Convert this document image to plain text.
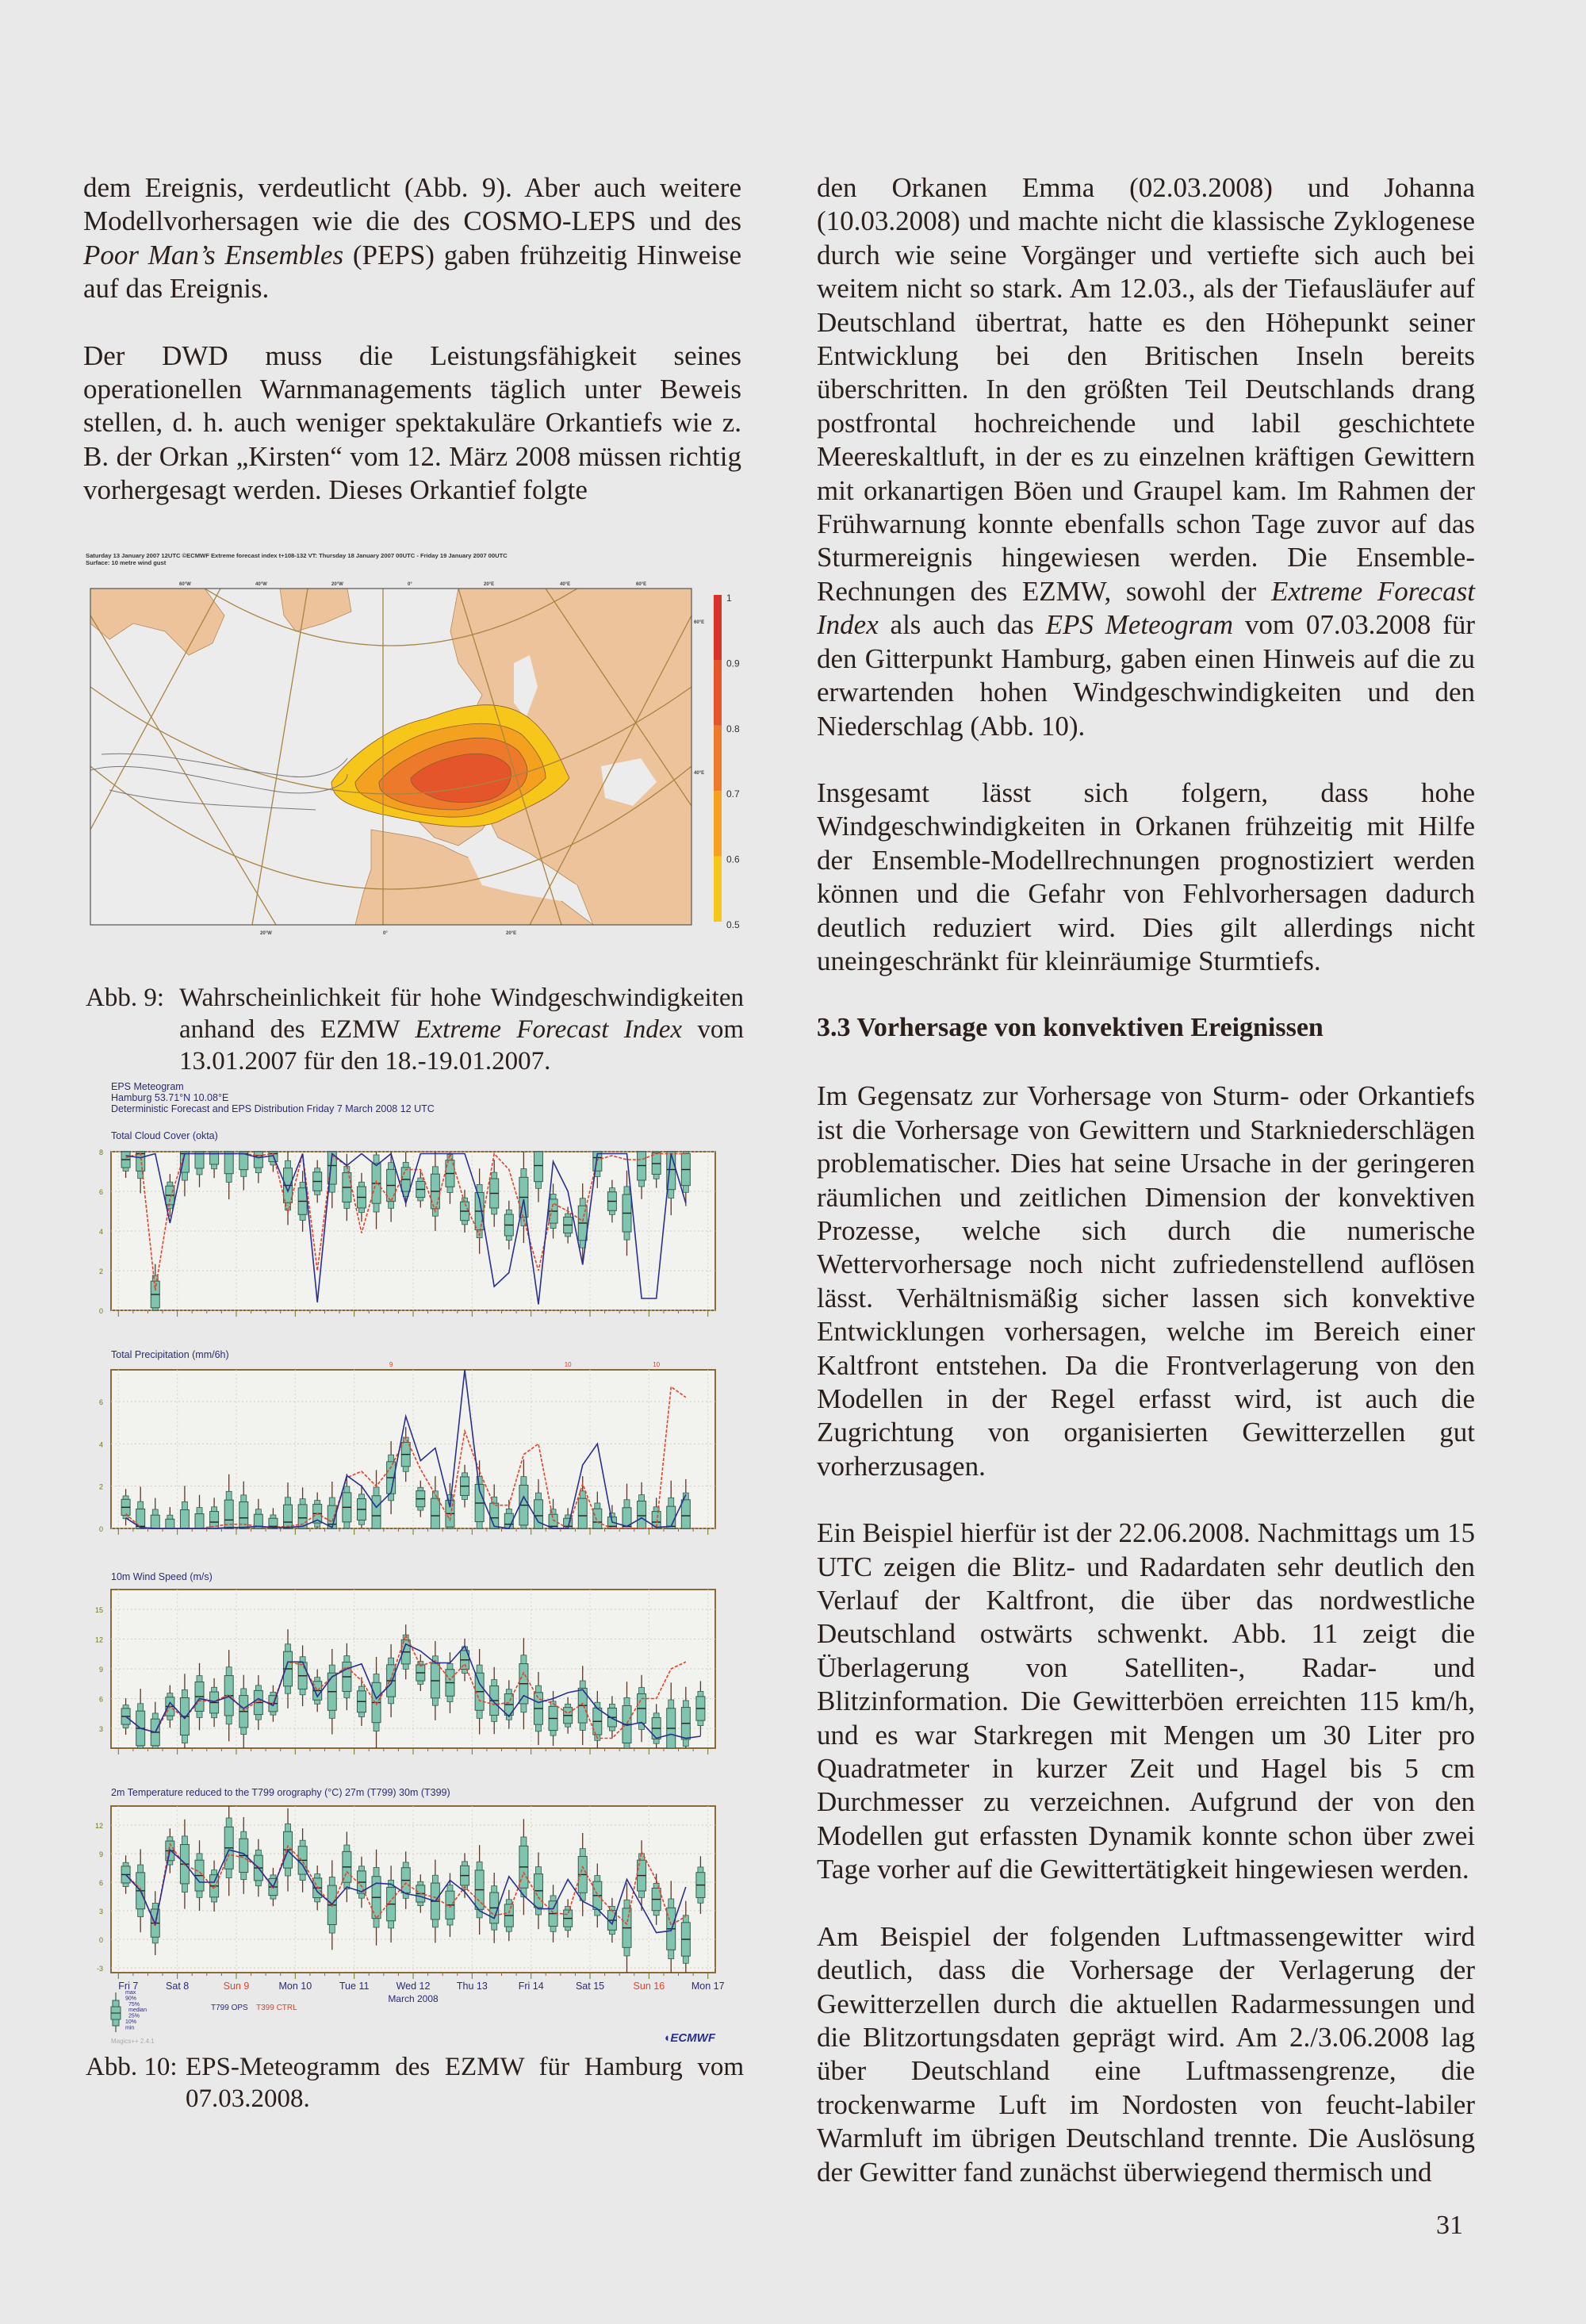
dem Ereignis, verdeutlicht (Abb. 9). Aber auch weitere Modellvorhersagen wie die des COSMO-LEPS und des Poor Man’s Ensembles (PEPS) gaben frühzeitig Hinweise auf das Ereignis.

Der DWD muss die Leistungsfähigkeit seines operationellen Warnmanagements täglich unter Beweis stellen, d. h. auch weniger spektakuläre Orkantiefs wie z. B. der Orkan „Kirsten“ vom 12. März 2008 müssen richtig vorhergesagt werden. Dieses Orkantief folgte

Saturday 13 January 2007 12UTC ©ECMWF Extreme forecast index t+108-132 VT: Thursday 18 January 2007 00UTC - Friday 19 January 2007 00UTC
Surface: 10 metre wind gust
60°W	40°W	20°W	0°	20°E	40°E	60°E
20°W	0°	20°E
60°E
40°E
1
0.9
0.8
0.7
0.6
0.5
Abb. 9: Wahrscheinlichkeit für hohe Windgeschwindigkeiten anhand des EZMW Extreme Forecast Index vom 13.01.2007 für den 18.-19.01.2007.
EPS Meteogram
Hamburg 53.71°N 10.08°E
Deterministic Forecast and EPS Distribution Friday 7 March 2008 12 UTC
Total Cloud Cover (okta)
0
2
4
6
8
Total Precipitation (mm/6h)
0
2
4
6
9	10	10
10m Wind Speed (m/s)
3
6
9
12
15
2m Temperature reduced to the T799 orography (°C) 27m (T799) 30m (T399)
-3
0
3
6
9
12
Fri 7	Sat 8	Sun 9	Mon 10	Tue 11	Wed 12	Thu 13	Fri 14	Sat 15	Sun 16	Mon 17
March 2008
max
90%
75%
median
25%
10%
min
T799 OPS T399 CTRL
Magics++ 2.4.1	◖ECMWF
Abb. 10: EPS-Meteogramm des EZMW für Hamburg vom 07.03.2008.

den Orkanen Emma (02.03.2008) und Johanna (10.03.2008) und machte nicht die klassische Zyklogenese durch wie seine Vorgänger und vertiefte sich auch bei weitem nicht so stark. Am 12.03., als der Tiefausläufer auf Deutschland übertrat, hatte es den Höhepunkt seiner Entwicklung bei den Britischen Inseln bereits überschritten. In den größten Teil Deutschlands drang postfrontal hochreichende und labil geschichtete Meereskaltluft, in der es zu einzelnen kräftigen Gewittern mit orkanartigen Böen und Graupel kam. Im Rahmen der Frühwarnung konnte ebenfalls schon Tage zuvor auf das Sturmereignis hingewiesen werden. Die Ensemble-Rechnungen des EZMW, sowohl der Extreme Forecast Index als auch das EPS Meteogram vom 07.03.2008 für den Gitterpunkt Hamburg, gaben einen Hinweis auf die zu erwartenden hohen Windgeschwindigkeiten und den Niederschlag (Abb. 10).

Insgesamt lässt sich folgern, dass hohe Windgeschwindigkeiten in Orkanen frühzeitig mit Hilfe der Ensemble-Modellrechnungen prognostiziert werden können und die Gefahr von Fehlvorhersagen dadurch deutlich reduziert wird. Dies gilt allerdings nicht uneingeschränkt für kleinräumige Sturmtiefs.

3.3 Vorhersage von konvektiven Ereignissen

Im Gegensatz zur Vorhersage von Sturm- oder Orkantiefs ist die Vorhersage von Gewittern und Starkniederschlägen problematischer. Dies hat seine Ursache in der geringeren räumlichen und zeitlichen Dimension der konvektiven Prozesse, welche sich durch die numerische Wettervorhersage noch nicht zufriedenstellend auflösen lässt. Verhältnismäßig sicher lassen sich konvektive Entwicklungen vorhersagen, welche im Bereich einer Kaltfront entstehen. Da die Frontverlagerung von den Modellen in der Regel erfasst wird, ist auch die Zugrichtung von organisierten Gewitterzellen gut vorherzusagen.

Ein Beispiel hierfür ist der 22.06.2008. Nachmittags um 15 UTC zeigen die Blitz- und Radardaten sehr deutlich den Verlauf der Kaltfront, die über das nordwestliche Deutschland ostwärts schwenkt. Abb. 11 zeigt die Überlagerung von Satelliten-, Radar- und Blitzinformation. Die Gewitterböen erreichten 115 km/h, und es war Starkregen mit Mengen um 30 Liter pro Quadratmeter in kurzer Zeit und Hagel bis 5 cm Durchmesser zu verzeichnen. Aufgrund der von den Modellen gut erfassten Dynamik konnte schon über zwei Tage vorher auf die Gewittertätigkeit hingewiesen werden.

Am Beispiel der folgenden Luftmassengewitter wird deutlich, dass die Vorhersage der Verlagerung der Gewitterzellen durch die aktuellen Radarmessungen und die Blitzortungsdaten geprägt wird. Am 2./3.06.2008 lag über Deutschland eine Luftmassengrenze, die trockenwarme Luft im Nordosten von feucht-labiler Warmluft im übrigen Deutschland trennte. Die Auslösung der Gewitter fand zunächst überwiegend thermisch und

31
